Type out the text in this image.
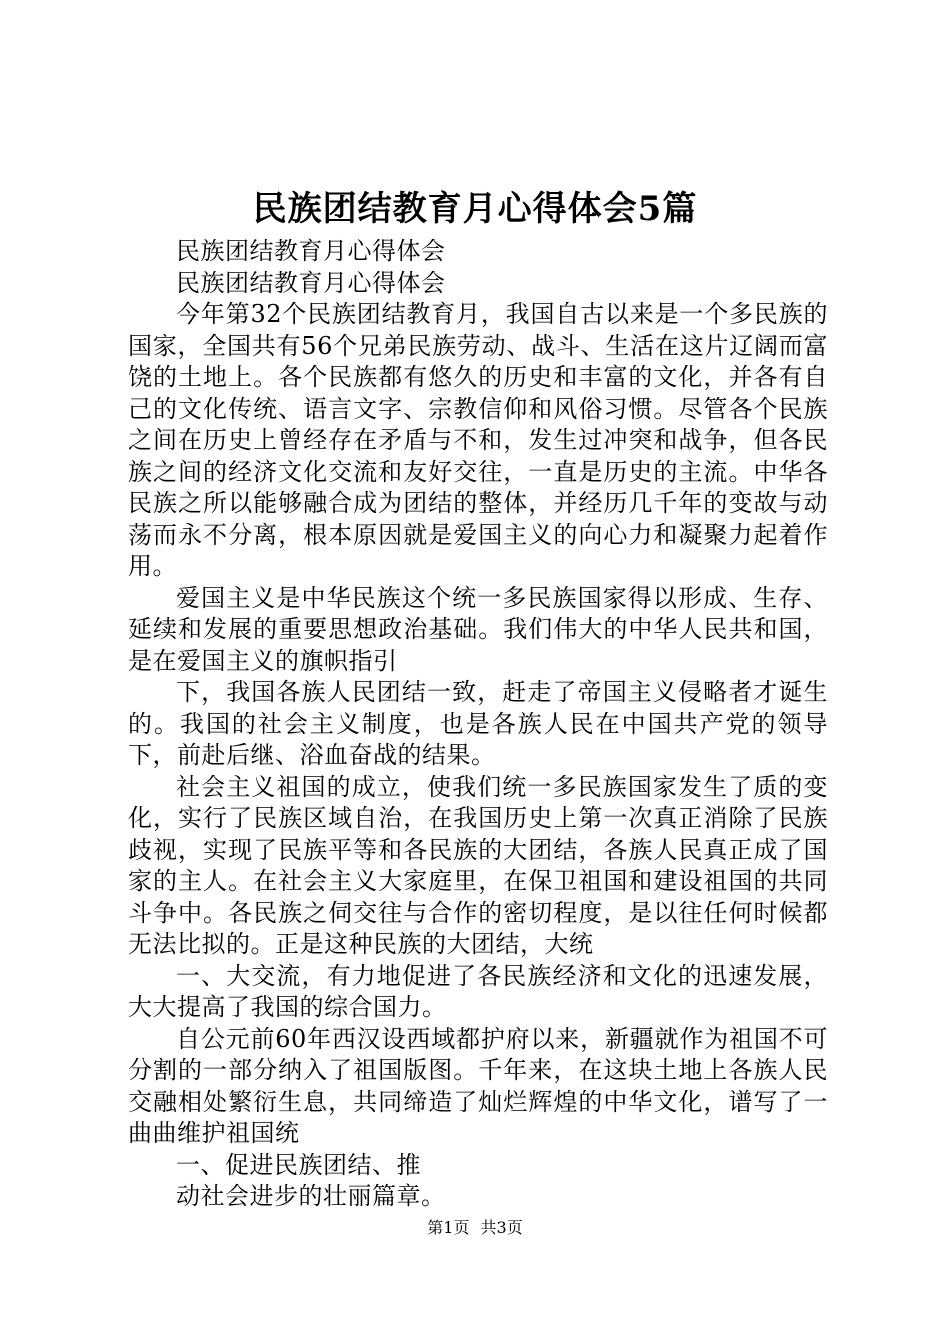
民族团结教育月心得体会5篇

民族团结教育月心得体会

民族团结教育月心得体会

今年第32个民族团结教育月，我国自古以来是一个多民族的国家，全国共有56个兄弟民族劳动、战斗、生活在这片辽阔而富饶的土地上。各个民族都有悠久的历史和丰富的文化，并各有自己的文化传统、语言文字、宗教信仰和风俗习惯。尽管各个民族之间在历史上曾经存在矛盾与不和，发生过冲突和战争，但各民族之间的经济文化交流和友好交往，一直是历史的主流。中华各民族之所以能够融合成为团结的整体，并经历几千年的变故与动荡而永不分离，根本原因就是爱国主义的向心力和凝聚力起着作用。

爱国主义是中华民族这个统一多民族国家得以形成、生存、延续和发展的重要思想政治基础。我们伟大的中华人民共和国，是在爱国主义的旗帜指引

下，我国各族人民团结一致，赶走了帝国主义侵略者才诞生的。我国的社会主义制度，也是各族人民在中国共产党的领导下，前赴后继、浴血奋战的结果。

社会主义祖国的成立，使我们统一多民族国家发生了质的变化，实行了民族区域自治，在我国历史上第一次真正消除了民族歧视，实现了民族平等和各民族的大团结，各族人民真正成了国家的主人。在社会主义大家庭里，在保卫祖国和建设祖国的共同斗争中。各民族之伺交往与合作的密切程度，是以往任何时候都无法比拟的。正是这种民族的大团结，大统

一、大交流，有力地促进了各民族经济和文化的迅速发展，大大提高了我国的综合国力。

自公元前60年西汉设西域都护府以来，新疆就作为祖国不可分割的一部分纳入了祖国版图。千年来，在这块土地上各族人民交融相处繁衍生息，共同缔造了灿烂辉煌的中华文化，谱写了一曲曲维护祖国统

一、促进民族团结、推

动社会进步的壮丽篇章。

第1页 共3页
